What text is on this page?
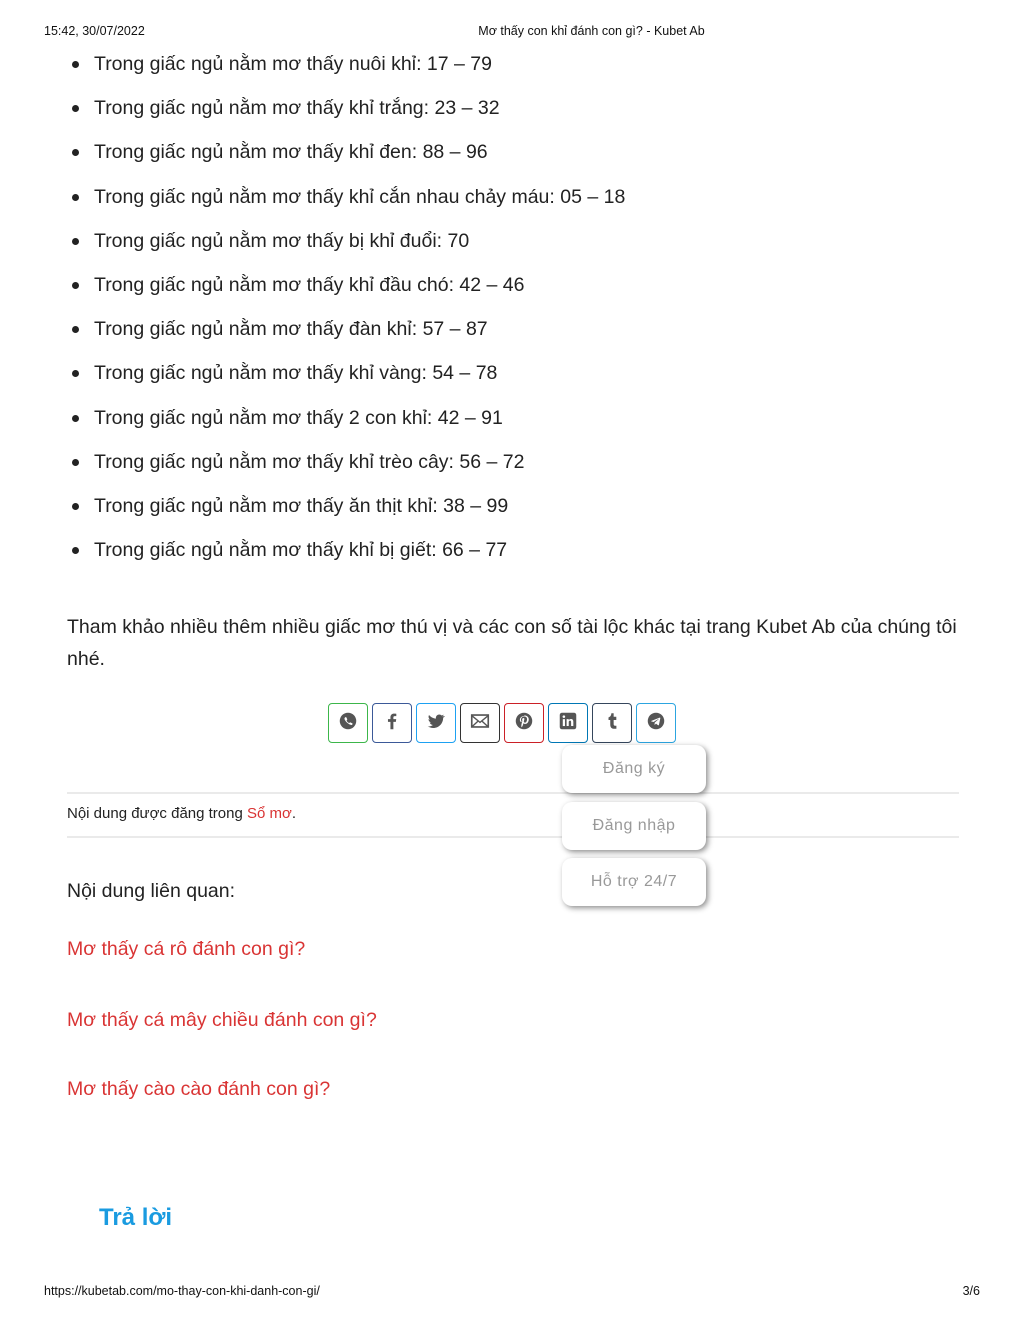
15:42, 30/07/2022	Mơ thấy con khỉ đánh con gì? - Kubet Ab
Trong giấc ngủ nằm mơ thấy nuôi khỉ: 17 – 79
Trong giấc ngủ nằm mơ thấy khỉ trắng: 23 – 32
Trong giấc ngủ nằm mơ thấy khỉ đen: 88 – 96
Trong giấc ngủ nằm mơ thấy khỉ cắn nhau chảy máu: 05 – 18
Trong giấc ngủ nằm mơ thấy bị khỉ đuổi: 70
Trong giấc ngủ nằm mơ thấy khỉ đầu chó: 42 – 46
Trong giấc ngủ nằm mơ thấy đàn khỉ: 57 – 87
Trong giấc ngủ nằm mơ thấy khỉ vàng: 54 – 78
Trong giấc ngủ nằm mơ thấy 2 con khỉ: 42 – 91
Trong giấc ngủ nằm mơ thấy khỉ trèo cây: 56 – 72
Trong giấc ngủ nằm mơ thấy ăn thịt khỉ: 38 – 99
Trong giấc ngủ nằm mơ thấy khỉ bị giết: 66 – 77

Tham khảo nhiều thêm nhiều giấc mơ thú vị và các con số tài lộc khác tại trang Kubet Ab của chúng tôi nhé.

Nội dung được đăng trong Sổ mơ.
Nội dung liên quan:
Mơ thấy cá rô đánh con gì?
Mơ thấy cá mây chiều đánh con gì?
Mơ thấy cào cào đánh con gì?
Trả lời
Đăng ký
Đăng nhập
Hỗ trợ 24/7
https://kubetab.com/mo-thay-con-khi-danh-con-gi/	3/6
